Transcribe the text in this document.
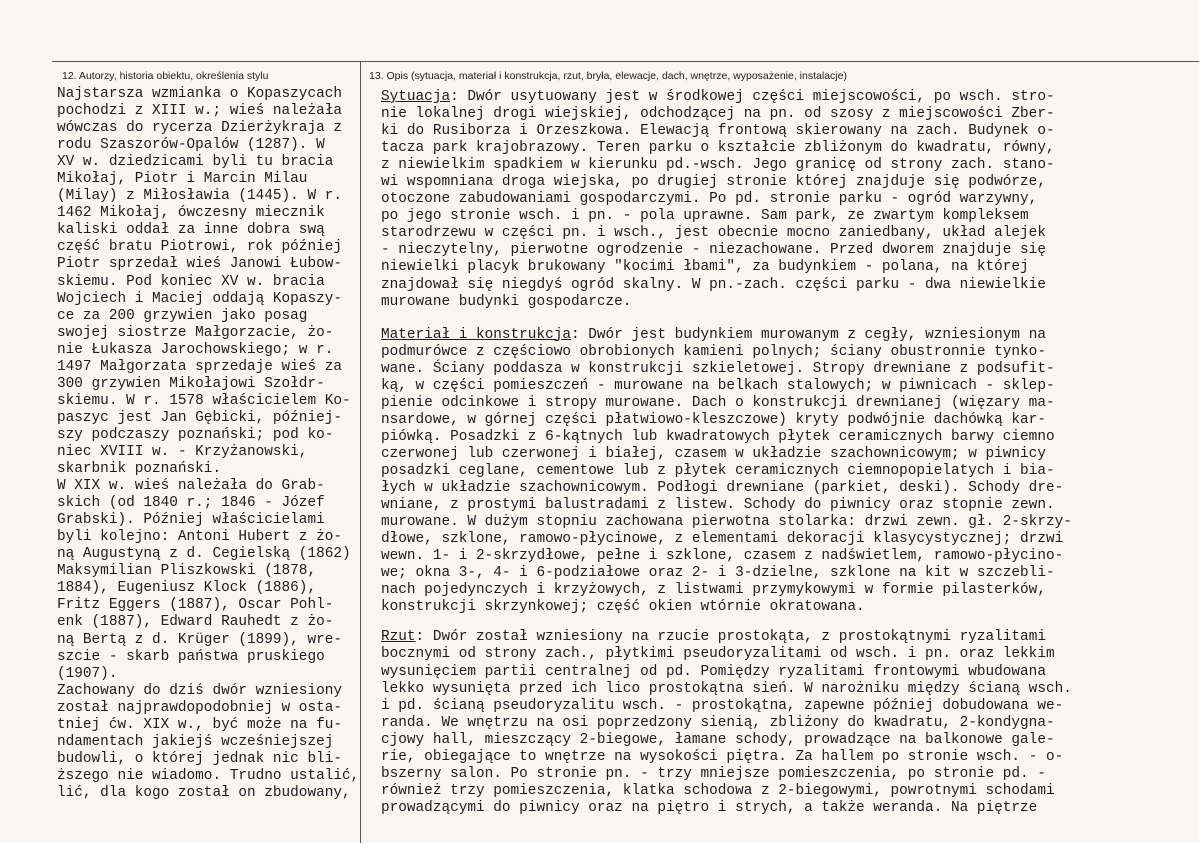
12. Autorzy, historia obiektu, określenia stylu	13. Opis (sytuacja, materiał i konstrukcja, rzut, bryła, elewacje, dach, wnętrze, wyposażenie, instalacje)
Najstarsza wzmianka o Kopaszycach
pochodzi z XIII w.; wieś należała
wówczas do rycerza Dzierżykraja z
rodu Szaszorów-Opalów (1287). W
XV w. dziedzicami byli tu bracia
Mikołaj, Piotr i Marcin Milau
(Milay) z Miłosławia (1445). W r.
1462 Mikołaj, ówczesny miecznik
kaliski oddał za inne dobra swą
część bratu Piotrowi, rok później
Piotr sprzedał wieś Janowi Łubow-
skiemu. Pod koniec XV w. bracia
Wojciech i Maciej oddają Kopaszy-
ce za 200 grzywien jako posag
swojej siostrze Małgorzacie, żo-
nie Łukasza Jarochowskiego; w r.
1497 Małgorzata sprzedaje wieś za
300 grzywien Mikołajowi Szołdr-
skiemu. W r. 1578 właścicielem Ko-
paszyc jest Jan Gębicki, później-
szy podczaszy poznański; pod ko-
niec XVIII w. - Krzyżanowski,
skarbnik poznański.
W XIX w. wieś należała do Grab-
skich (od 1840 r.; 1846 - Józef
Grabski). Później właścicielami
byli kolejno: Antoni Hubert z żo-
ną Augustyną z d. Cegielską (1862)
Maksymilian Pliszkowski (1878,
1884), Eugeniusz Klock (1886),
Fritz Eggers (1887), Oscar Pohl-
enk (1887), Edward Rauhedt z żo-
ną Bertą z d. Krüger (1899), wre-
szcie - skarb państwa pruskiego
(1907).
Zachowany do dziś dwór wzniesiony
został najprawdopodobniej w osta-
tniej ćw. XIX w., być może na fu-
ndamentach jakiejś wcześniejszej
budowli, o której jednak nic bli-
ższego nie wiadomo. Trudno ustalić,
lić, dla kogo został on zbudowany,
Sytuacja: Dwór usytuowany jest w środkowej części miejscowości, po wsch. stro-
nie lokalnej drogi wiejskiej, odchodzącej na pn. od szosy z miejscowości Zber-
ki do Rusiborza i Orzeszkowa. Elewacją frontową skierowany na zach. Budynek o-
tacza park krajobrazowy. Teren parku o kształcie zbliżonym do kwadratu, równy,
z niewielkim spadkiem w kierunku pd.-wsch. Jego granicę od strony zach. stano-
wi wspomniana droga wiejska, po drugiej stronie której znajduje się podwórze,
otoczone zabudowaniami gospodarczymi. Po pd. stronie parku - ogród warzywny,
po jego stronie wsch. i pn. - pola uprawne. Sam park, ze zwartym kompleksem
starodrzewu w części pn. i wsch., jest obecnie mocno zaniedbany, układ alejek
- nieczytelny, pierwotne ogrodzenie - niezachowane. Przed dworem znajduje się
niewielki placyk brukowany "kocimi łbami", za budynkiem - polana, na której
znajdował się niegdyś ogród skalny. W pn.-zach. części parku - dwa niewielkie
murowane budynki gospodarcze.
Materiał i konstrukcja: Dwór jest budynkiem murowanym z cegły, wzniesionym na
podmurówce z częściowo obrobionych kamieni polnych; ściany obustronnie tynko-
wane. Ściany poddasza w konstrukcji szkieletowej. Stropy drewniane z podsufit-
ką, w części pomieszczeń - murowane na belkach stalowych; w piwnicach - sklep-
pienie odcinkowe i stropy murowane. Dach o konstrukcji drewnianej (więzary ma-
nsardowe, w górnej części płatwiowo-kleszczowe) kryty podwójnie dachówką kar-
piówką. Posadzki z 6-kątnych lub kwadratowych płytek ceramicznych barwy ciemno
czerwonej lub czerwonej i białej, czasem w układzie szachownicowym; w piwnicy
posadzki ceglane, cementowe lub z płytek ceramicznych ciemnopopielatych i bia-
łych w układzie szachownicowym. Podłogi drewniane (parkiet, deski). Schody dre-
wniane, z prostymi balustradami z listew. Schody do piwnicy oraz stopnie zewn.
murowane. W dużym stopniu zachowana pierwotna stolarka: drzwi zewn. gł. 2-skrzy-
dłowe, szklone, ramowo-płycinowe, z elementami dekoracji klasycystycznej; drzwi
wewn. 1- i 2-skrzydłowe, pełne i szklone, czasem z nadświetlem, ramowo-płycino-
we; okna 3-, 4- i 6-podziałowe oraz 2- i 3-dzielne, szklone na kit w szczebli-
nach pojedynczych i krzyżowych, z listwami przymykowymi w formie pilasterków,
konstrukcji skrzynkowej; część okien wtórnie okratowana.
Rzut: Dwór został wzniesiony na rzucie prostokąta, z prostokątnymi ryzalitami
bocznymi od strony zach., płytkimi pseudoryzalitami od wsch. i pn. oraz lekkim
wysunięciem partii centralnej od pd. Pomiędzy ryzalitami frontowymi wbudowana
lekko wysunięta przed ich lico prostokątna sień. W narożniku między ścianą wsch.
i pd. ścianą pseudoryzalitu wsch. - prostokątna, zapewne później dobudowana we-
randa. We wnętrzu na osi poprzedzony sienią, zbliżony do kwadratu, 2-kondygna-
cjowy hall, mieszczący 2-biegowe, łamane schody, prowadzące na balkonowe gale-
rie, obiegające to wnętrze na wysokości piętra. Za hallem po stronie wsch. - o-
bszerny salon. Po stronie pn. - trzy mniejsze pomieszczenia, po stronie pd. -
również trzy pomieszczenia, klatka schodowa z 2-biegowymi, powrotnymi schodami
prowadzącymi do piwnicy oraz na piętro i strych, a także weranda. Na piętrze
